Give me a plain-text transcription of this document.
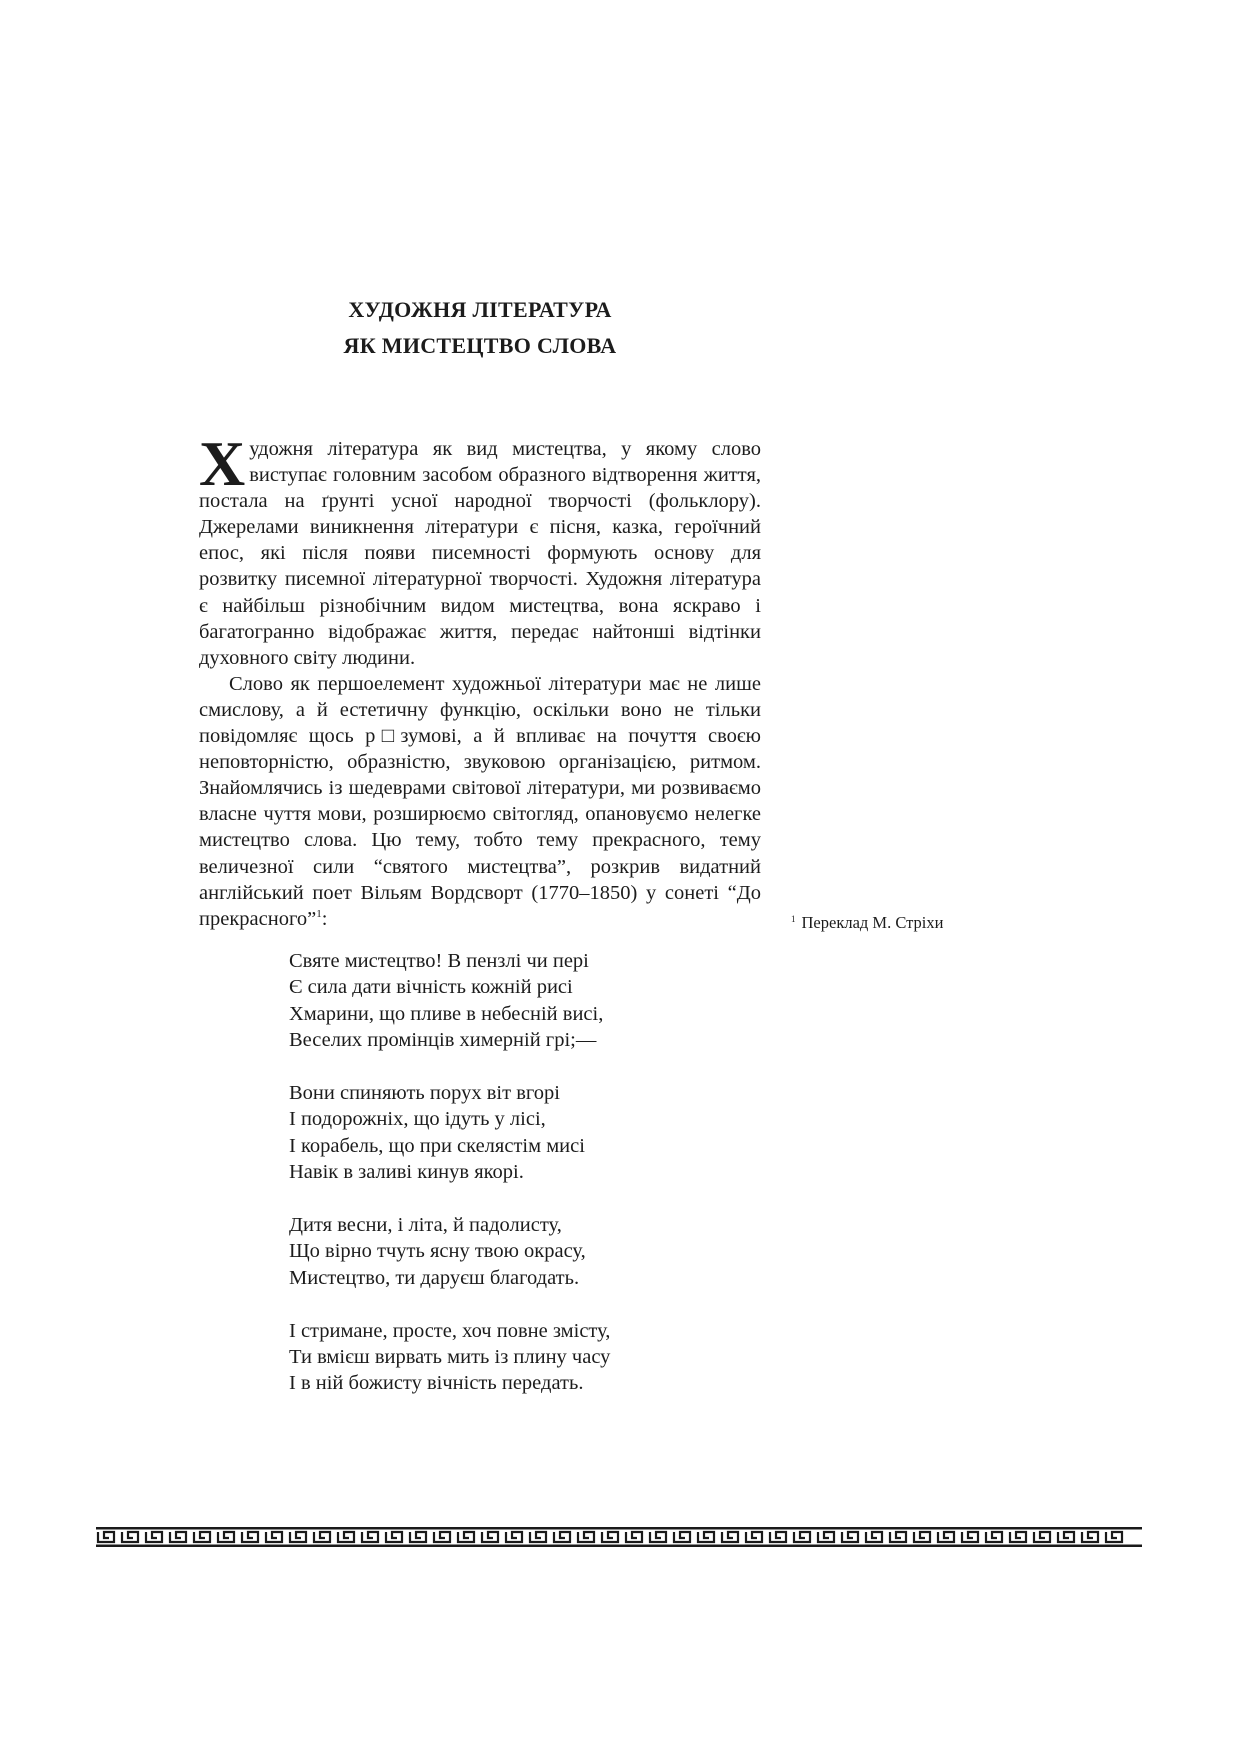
ХУДОЖНЯ ЛІТЕРАТУРА
ЯК МИСТЕЦТВО СЛОВА

Художня література як вид мистецтва, у якому слово виступає головним засобом образного відтворення життя, постала на ґрунті усної народної творчості (фольклору). Джерелами виникнення літератури є пісня, казка, героїчний епос, які після появи писемності формують основу для розвитку писемної літературної творчості. Художня література є найбільш різнобічним видом мистецтва, вона яскраво і багатогранно відображає життя, передає найтонші відтінки духовного світу людини.

Слово як першоелемент художньої літератури має не лише смислову, а й естетичну функцію, оскільки воно не тільки повідомляє щось р□зумові, а й впливає на почуття своєю неповторністю, образністю, звуковою організацією, ритмом. Знайомлячись із шедеврами світової літератури, ми розвиваємо власне чуття мови, розширюємо світогляд, опановуємо нелегке мистецтво слова. Цю тему, тобто тему прекрасного, тему величезної сили “святого мистецтва”, розкрив видатний англійський поет Вільям Вордсворт (1770–1850) у сонеті “До прекрасного”$^1$:	$^1$ Переклад М. Стріхи
Святе мистецтво! В пензлі чи пері
Є сила дати вічність кожній рисі
Хмарини, що пливе в небесній висі,
Веселих промінців химерній грі;—
Вони спиняють порух віт вгорі
І подорожніх, що ідуть у лісі,
І корабель, що при скелястім мисі
Навік в заливі кинув якорі.
Дитя весни, і літа, й падолисту,
Що вірно тчуть ясну твою окрасу,
Мистецтво, ти даруєш благодать.
І стримане, просте, хоч повне змісту,
Ти вмієш вирвать мить із плину часу
І в ній божисту вічність передать.
